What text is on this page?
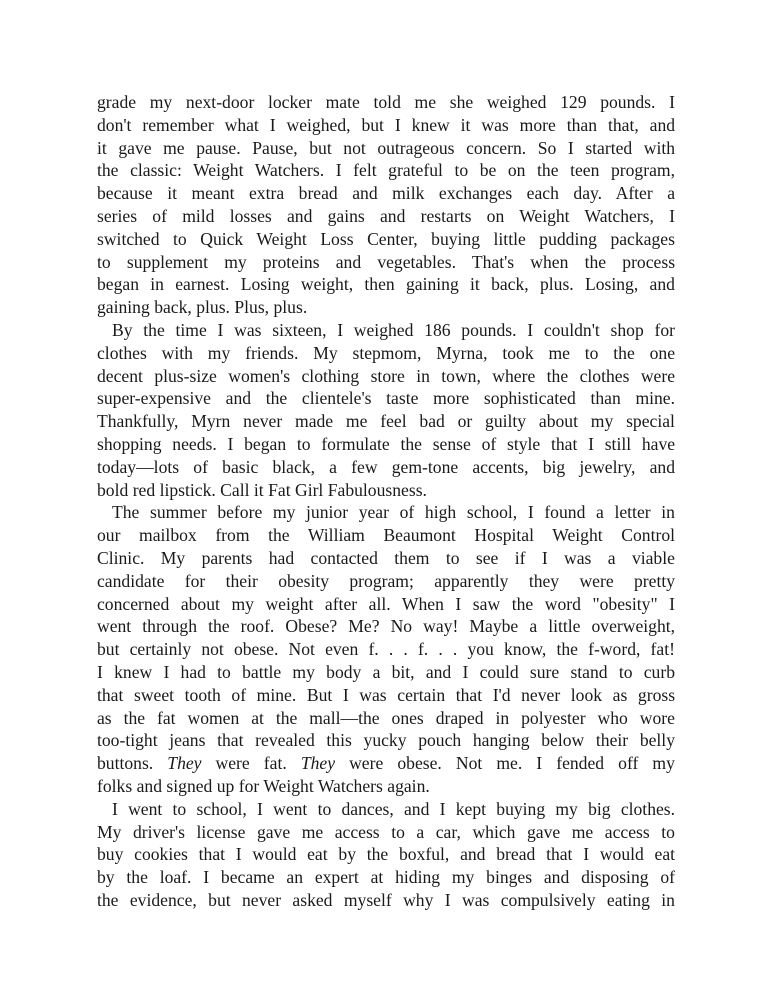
grade my next-door locker mate told me she weighed 129 pounds. I
don't remember what I weighed, but I knew it was more than that, and
it gave me pause. Pause, but not outrageous concern. So I started with
the classic: Weight Watchers. I felt grateful to be on the teen program,
because it meant extra bread and milk exchanges each day. After a
series of mild losses and gains and restarts on Weight Watchers, I
switched to Quick Weight Loss Center, buying little pudding packages
to supplement my proteins and vegetables. That's when the process
began in earnest. Losing weight, then gaining it back, plus. Losing, and
gaining back, plus. Plus, plus.
By the time I was sixteen, I weighed 186 pounds. I couldn't shop for
clothes with my friends. My stepmom, Myrna, took me to the one
decent plus-size women's clothing store in town, where the clothes were
super-expensive and the clientele's taste more sophisticated than mine.
Thankfully, Myrn never made me feel bad or guilty about my special
shopping needs. I began to formulate the sense of style that I still have
today—lots of basic black, a few gem-tone accents, big jewelry, and
bold red lipstick. Call it Fat Girl Fabulousness.
The summer before my junior year of high school, I found a letter in
our mailbox from the William Beaumont Hospital Weight Control
Clinic. My parents had contacted them to see if I was a viable
candidate for their obesity program; apparently they were pretty
concerned about my weight after all. When I saw the word "obesity" I
went through the roof. Obese? Me? No way! Maybe a little overweight,
but certainly not obese. Not even f. . . f. . . you know, the f-word, fat!
I knew I had to battle my body a bit, and I could sure stand to curb
that sweet tooth of mine. But I was certain that I'd never look as gross
as the fat women at the mall—the ones draped in polyester who wore
too-tight jeans that revealed this yucky pouch hanging below their belly
buttons. They were fat. They were obese. Not me. I fended off my
folks and signed up for Weight Watchers again.
I went to school, I went to dances, and I kept buying my big clothes.
My driver's license gave me access to a car, which gave me access to
buy cookies that I would eat by the boxful, and bread that I would eat
by the loaf. I became an expert at hiding my binges and disposing of
the evidence, but never asked myself why I was compulsively eating in
